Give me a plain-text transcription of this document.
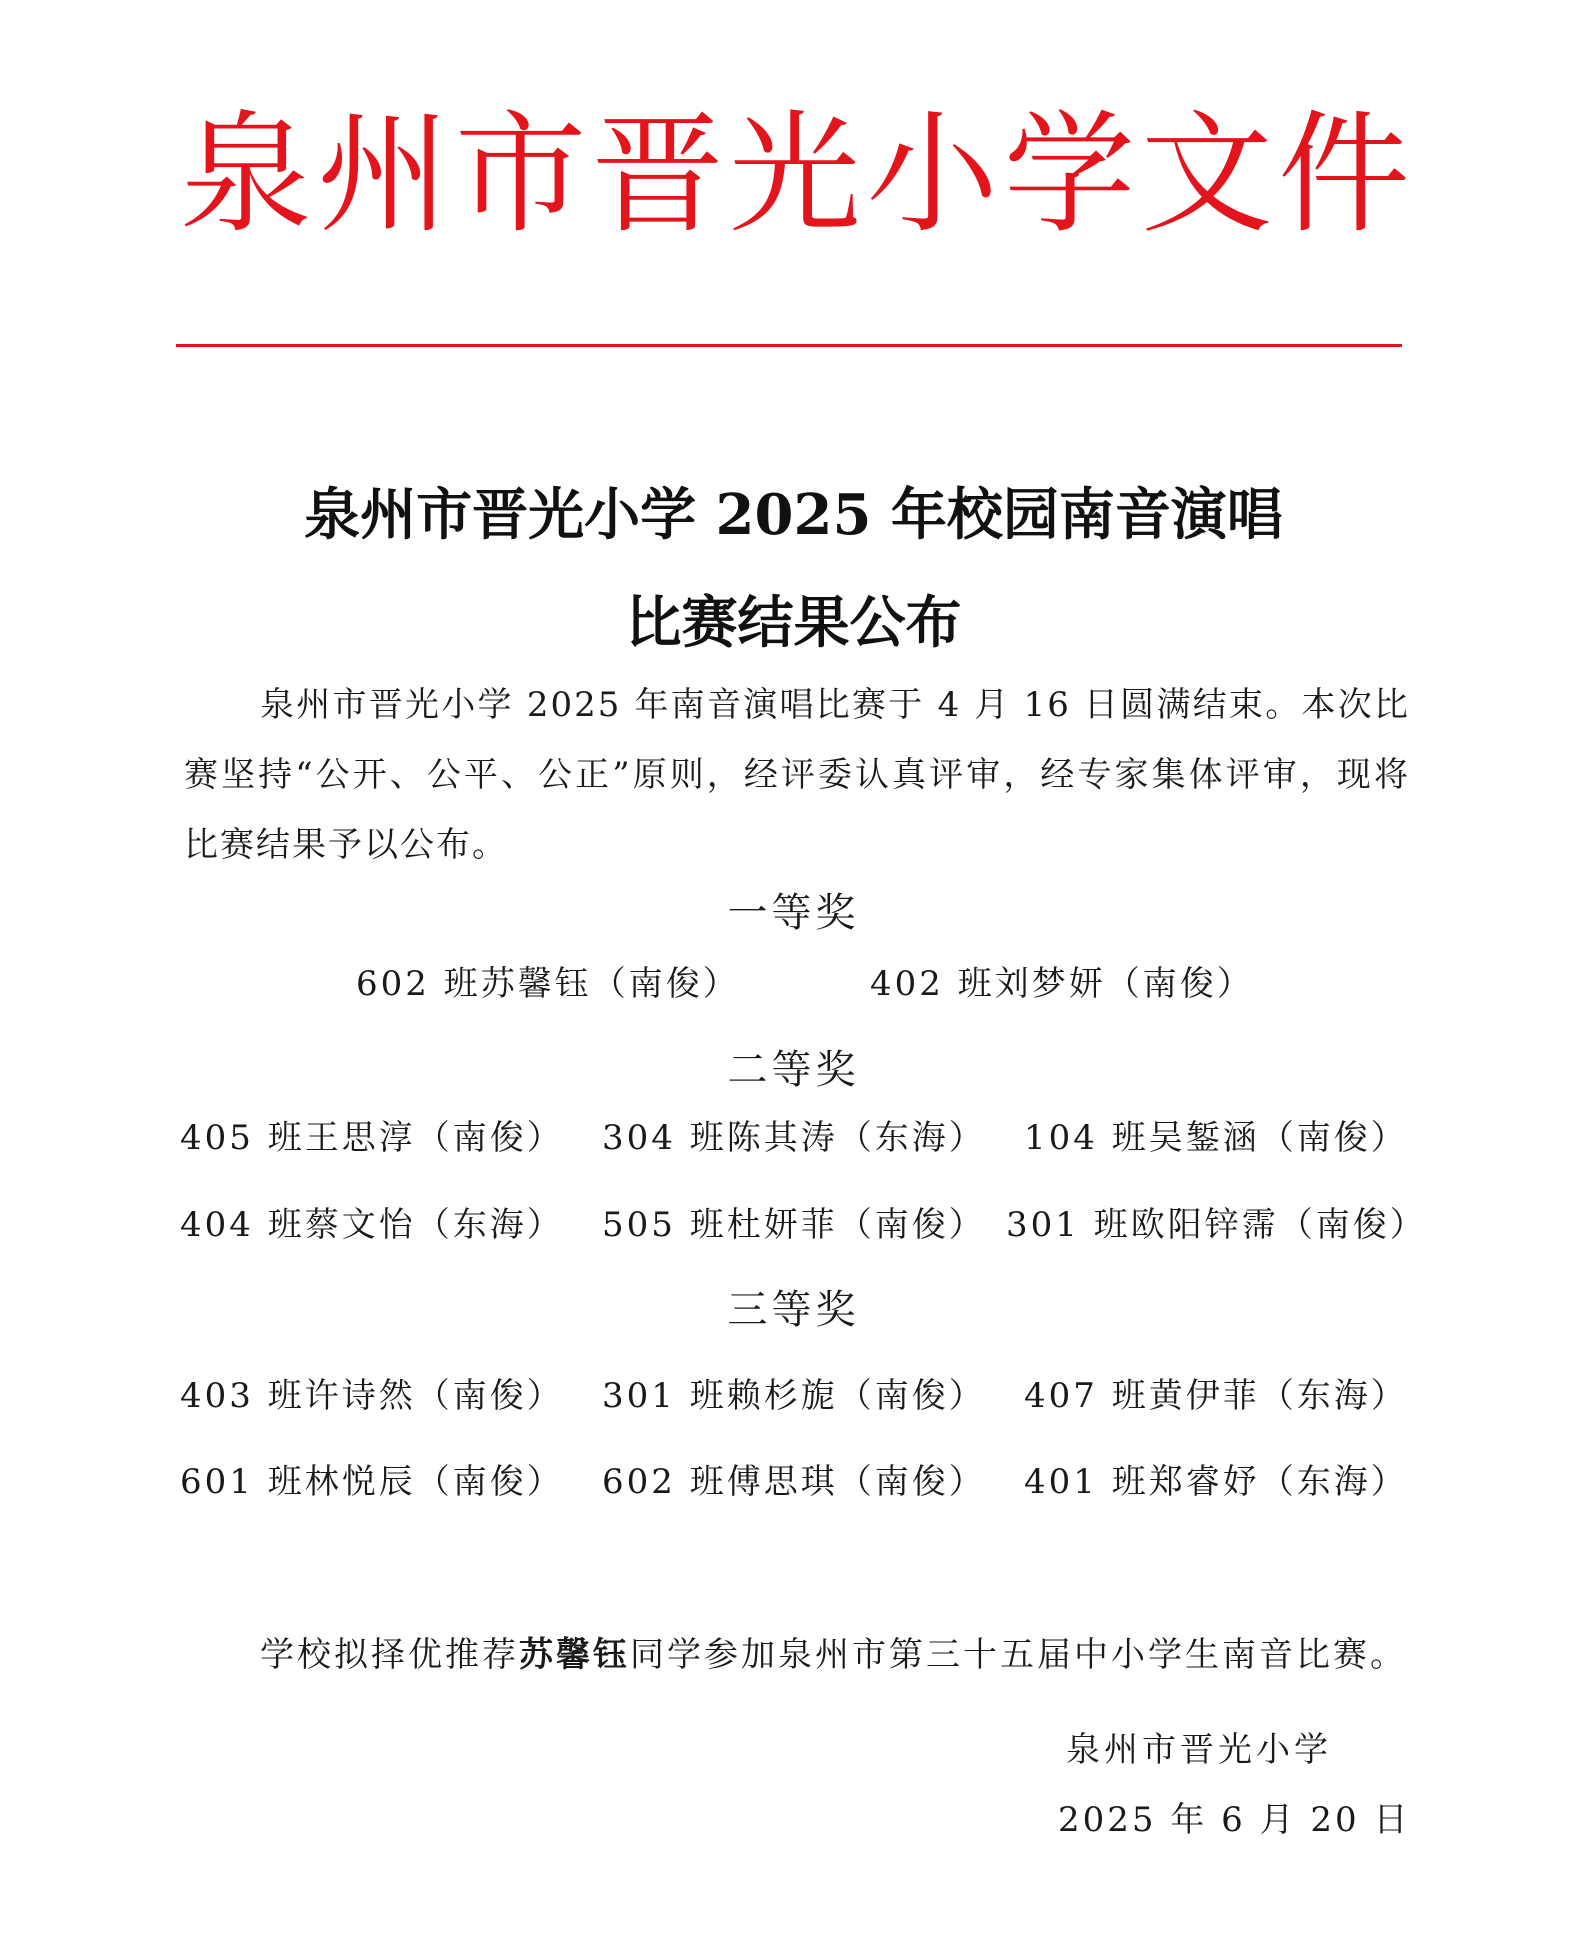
泉 州 市 晋 光 小 学 文 件
泉州市晋光小学 2025 年校园南音演唱
比赛结果公布
泉州市晋光小学 2025 年南音演唱比赛于 4 月 16 日圆满结束。本次比赛坚持“公开、公平、公正”原则，经评委认真评审，经专家集体评审，现将比赛结果予以公布。
一等奖
602 班苏馨钰（南俊）	402 班刘梦妍（南俊）
二等奖
405 班王思淳（南俊） 304 班陈其涛（东海） 104 班吴錾涵（南俊）
404 班蔡文怡（东海） 505 班杜妍菲（南俊） 301 班欧阳锌霈（南俊）
三等奖
403 班许诗然（南俊） 301 班赖杉旎（南俊） 407 班黄伊菲（东海）
601 班林悦辰（南俊） 602 班傅思琪（南俊） 401 班郑睿妤（东海）
学校拟择优推荐苏馨钰同学参加泉州市第三十五届中小学生南音比赛。
泉州市晋光小学
2025 年 6 月 20 日
